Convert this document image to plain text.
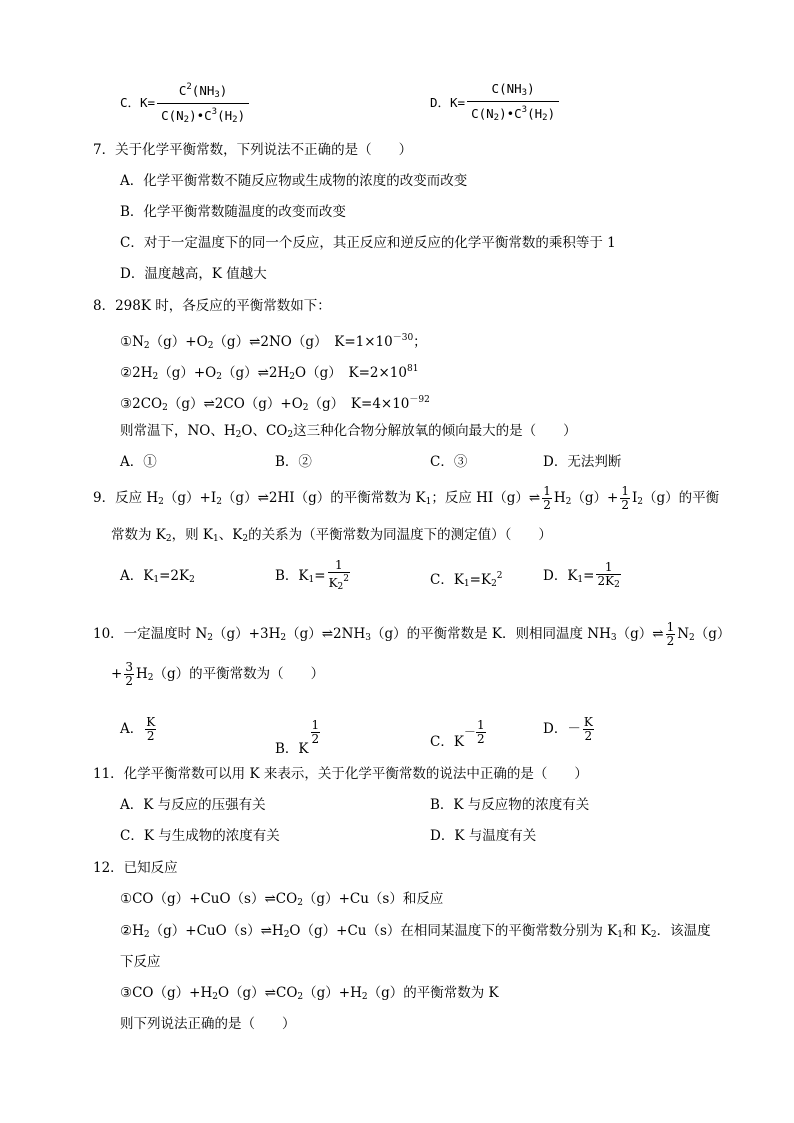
C．$K= \frac{C^2(NH_3)}{C(N_2)•C^3(H_2)}$	D．$K= \frac{C(NH_3)}{C(N_2)•C^3(H_2)}$
7．关于化学平衡常数，下列说法不正确的是（　　）
A．化学平衡常数不随反应物或生成物的浓度的改变而改变
B．化学平衡常数随温度的改变而改变
C．对于一定温度下的同一个反应，其正反应和逆反应的化学平衡常数的乘积等于 1
D．温度越高，K 值越大
8．298K 时，各反应的平衡常数如下：
$①N_2(g)+O_2(g)\rightleftharpoons 2NO(g)$　$K=1\times 10^{-30}$；
$②2H_2(g)+O_2(g)\rightleftharpoons 2H_2O(g)$　$K=2\times 10^{81}$
$③2CO_2(g)\rightleftharpoons 2CO(g)+O_2(g)$　$K=4\times 10^{-92}$
则常温下，NO、$H_2O$、$CO_2$这三种化合物分解放氧的倾向最大的是（　　）
A．①	B．②	C．③	D．无法判断
9．反应 $H_2(g)+I_2(g)\rightleftharpoons 2HI(g)$的平衡常数为 $K_1$；反应 HI（g）⇌ $\frac{1}{2} H_2(g)+ \frac{1}{2} I_2(g)$的平衡
常数为 $K_2$，则 $K_1$、$K_2$的关系为（平衡常数为同温度下的测定值）（　　）
A．$K_1=2K_2$	B．$K_1= \frac{1}{K_2^2}$	C．$K_1=K_2^2$	D．$K_1= \frac{1}{2K_2}$
10．一定温度时 $N_2(g)+3H_2(g)\rightleftharpoons 2NH_3(g)$的平衡常数是 K．则相同温度 $NH_3(g)\rightleftharpoons \frac{1}{2} N_2(g)$
+ $\frac{3}{2} H_2(g)$的平衡常数为（　　）
A． $\frac{K}{2}$
B．K
$^{\frac{1}{2}}$	C．$K^{- \frac{1}{2}}$	D．－ $\frac{K}{2}$
11．化学平衡常数可以用 K 来表示，关于化学平衡常数的说法中正确的是（　　）
A．K 与反应的压强有关	B．K 与反应物的浓度有关
C．K 与生成物的浓度有关	D．K 与温度有关
12．已知反应
$①CO(g)+CuO(s)\rightleftharpoons CO_2(g)+Cu(s)$和反应
$②H_2(g)+CuO(s)\rightleftharpoons H_2O(g)+Cu(s)$在相同某温度下的平衡常数分别为 $K_1$和 $K_2$．该温度
下反应
$③CO(g)+H_2O(g)\rightleftharpoons CO_2(g)+H_2(g)$的平衡常数为 K
则下列说法正确的是（　　）
